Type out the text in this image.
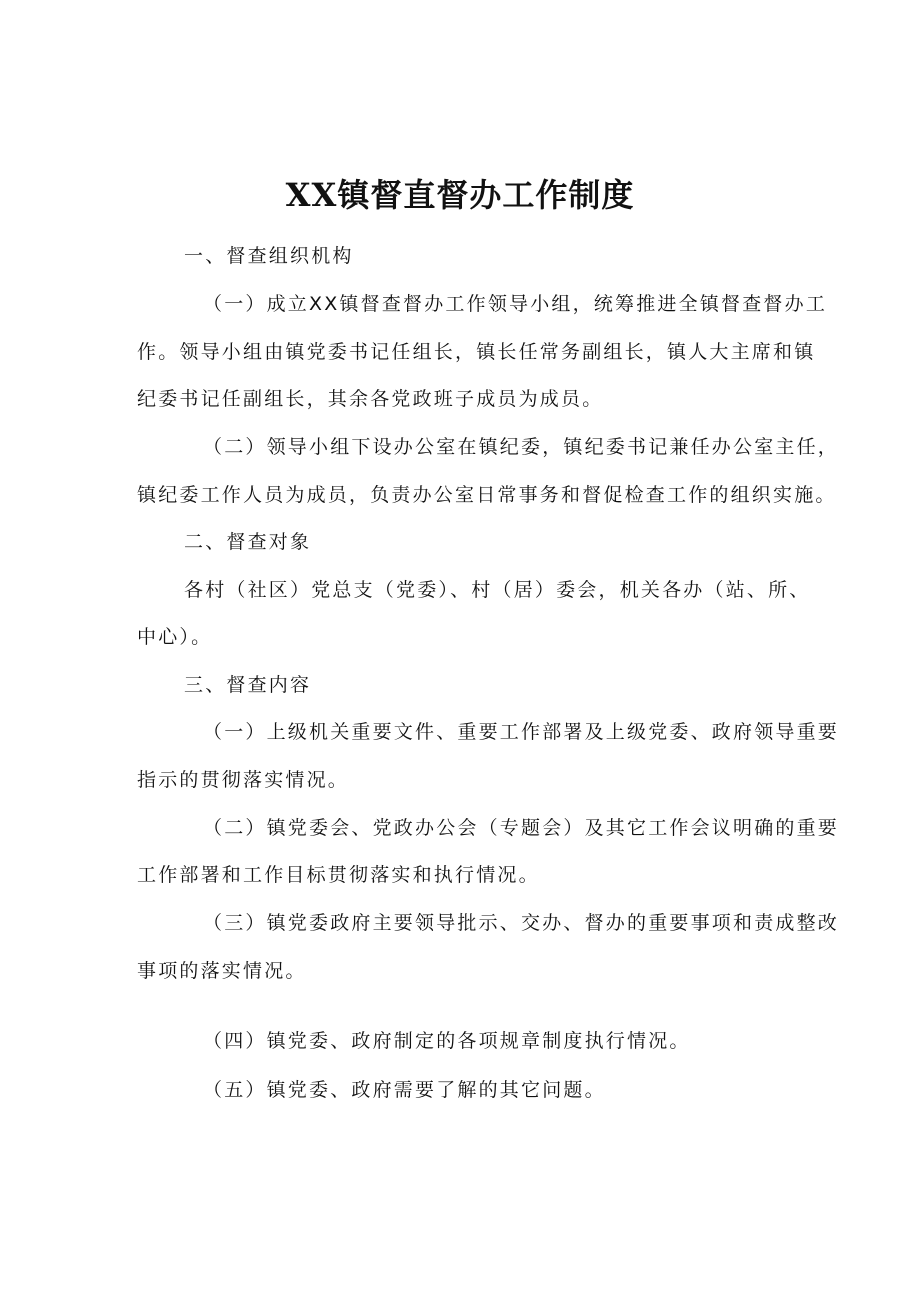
XX镇督直督办工作制度
一、督查组织机构
（一）成立XX镇督查督办工作领导小组，统筹推进全镇督查督办工
作。领导小组由镇党委书记任组长，镇长任常务副组长，镇人大主席和镇
纪委书记任副组长，其余各党政班子成员为成员。
（二）领导小组下设办公室在镇纪委，镇纪委书记兼任办公室主任，
镇纪委工作人员为成员，负责办公室日常事务和督促检查工作的组织实施。
二、督查对象
各村（社区）党总支（党委）、村（居）委会，机关各办（站、所、
中心）。
三、督查内容
（一）上级机关重要文件、重要工作部署及上级党委、政府领导重要
指示的贯彻落实情况。
（二）镇党委会、党政办公会（专题会）及其它工作会议明确的重要
工作部署和工作目标贯彻落实和执行情况。
（三）镇党委政府主要领导批示、交办、督办的重要事项和责成整改
事项的落实情况。
（四）镇党委、政府制定的各项规章制度执行情况。
（五）镇党委、政府需要了解的其它问题。
